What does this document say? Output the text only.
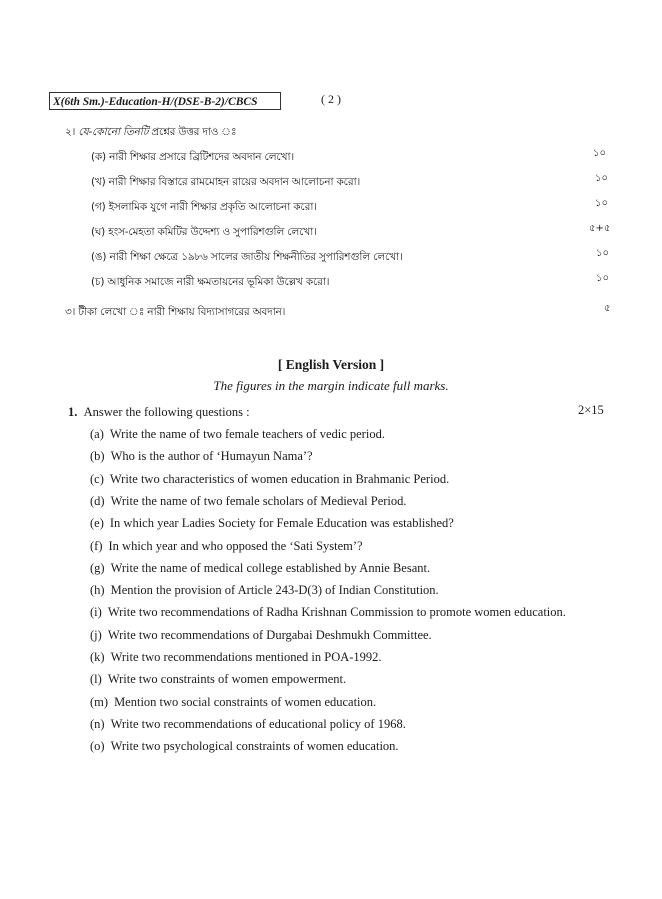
X(6th Sm.)-Education-H/(DSE-B-2)/CBCS	( 2 )
২। যে-কোনো তিনটি প্রশ্নের উত্তর দাও ঃ
(ক) নারী শিক্ষার প্রসারে ব্রিটিশদের অবদান লেখো।	১০
(খ) নারী শিক্ষার বিস্তারে রামমোহন রায়ের অবদান আলোচনা করো।	১০
(গ) ইসলামিক যুগে নারী শিক্ষার প্রকৃতি আলোচনা করো।	১০
(ঘ) হংস-মেহতা কমিটির উদ্দেশ্য ও সুপারিশগুলি লেখো।	৫+৫
(ঙ) নারী শিক্ষা ক্ষেত্রে ১৯৮৬ সালের জাতীয় শিক্ষনীতির সুপারিশগুলি লেখো।	১০
(চ) আধুনিক সমাজে নারী ক্ষমতায়নের ভূমিকা উল্লেখ করো।	১০
৩। টীকা লেখো ঃ নারী শিক্ষায় বিদ্যাসাগরের অবদান।	৫
[ English Version ]
The figures in the margin indicate full marks.
1. Answer the following questions :	2×15
(a) Write the name of two female teachers of vedic period.
(b) Who is the author of ‘Humayun Nama’?
(c) Write two characteristics of women education in Brahmanic Period.
(d) Write the name of two female scholars of Medieval Period.
(e) In which year Ladies Society for Female Education was established?
(f) In which year and who opposed the ‘Sati System’?
(g) Write the name of medical college established by Annie Besant.
(h) Mention the provision of Article 243-D(3) of Indian Constitution.
(i) Write two recommendations of Radha Krishnan Commission to promote women education.
(j) Write two recommendations of Durgabai Deshmukh Committee.
(k) Write two recommendations mentioned in POA-1992.
(l) Write two constraints of women empowerment.
(m) Mention two social constraints of women education.
(n) Write two recommendations of educational policy of 1968.
(o) Write two psychological constraints of women education.
